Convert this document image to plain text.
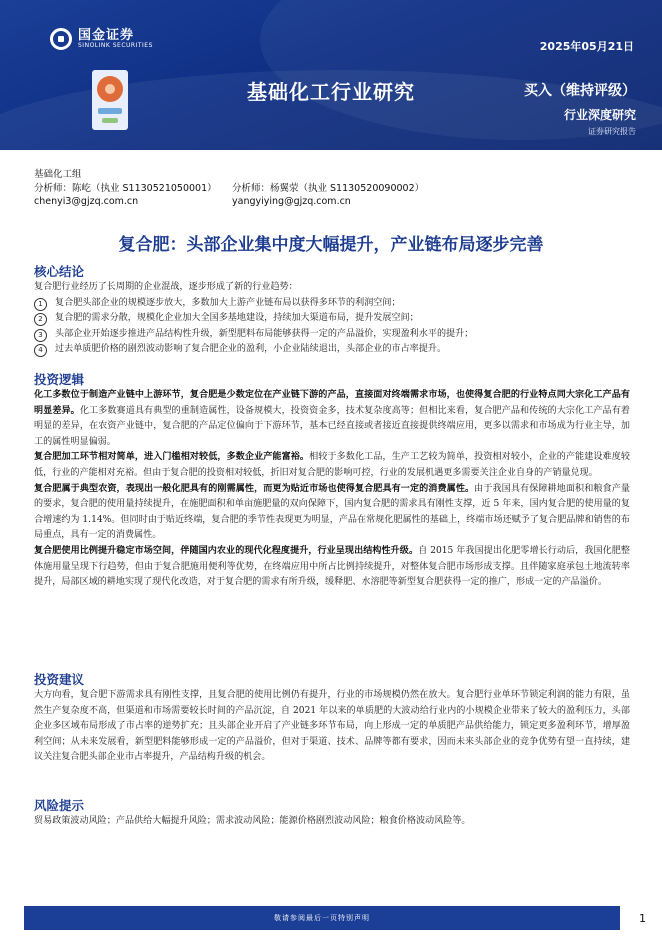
国金证券
SINOLINK SECURITIES	2025年05月21日
基础化工行业研究	买入（维持评级）
行业深度研究
证券研究报告
基础化工组
分析师：陈屹（执业 S1130521050001）	分析师：杨翼荥（执业 S1130520090002）
chenyi3@gjzq.com.cn	yangyiying@gjzq.com.cn
复合肥：头部企业集中度大幅提升，产业链布局逐步完善
核心结论

复合肥行业经历了长周期的企业混战，逐步形成了新的行业趋势：

1	复合肥头部企业的规模逐步放大，多数加大上游产业链布局以获得多环节的利润空间；
2	复合肥的需求分散，规模化企业加大全国多基地建设，持续加大渠道布局，提升发展空间；
3	头部企业开始逐步推进产品结构性升级，新型肥料布局能够获得一定的产品溢价，实现盈利水平的提升；
4	过去单质肥价格的剧烈波动影响了复合肥企业的盈利，小企业陆续退出，头部企业的市占率提升。
投资逻辑

化工多数位于制造产业链中上游环节，复合肥是少数定位在产业链下游的产品，直接面对终端需求市场，也使得复合肥的行业特点同大宗化工产品有明显差异。化工多数赛道具有典型的重制造属性，设备规模大，投资资金多，技术复杂度高等；但相比来看，复合肥产品和传统的大宗化工产品有着明显的差异，在农资产业链中，复合肥的产品定位偏向于下游环节，基本已经直接或者接近直接提供终端应用，更多以需求和市场成为行业主导，加工的属性明显偏弱。

复合肥加工环节相对简单，进入门槛相对较低，多数企业产能富裕。相较于多数化工品，生产工艺较为简单，投资相对较小，企业的产能建设难度较低，行业的产能相对充裕。但由于复合肥的投资相对较低，折旧对复合肥的影响可控，行业的发展机遇更多需要关注企业自身的产销量兑现。

复合肥属于典型农资，表现出一般化肥具有的刚需属性，而更为贴近市场也使得复合肥具有一定的消费属性。由于我国具有保障耕地面积和粮食产量的要求，复合肥的使用量持续提升，在施肥面积和单亩施肥量的双向保障下，国内复合肥的需求具有刚性支撑，近 5 年来，国内复合肥的使用量的复合增速约为 1.14%。但同时由于贴近终端，复合肥的季节性表现更为明显，产品在常规化肥属性的基础上，终端市场还赋予了复合肥品牌和销售的布局重点，具有一定的消费属性。

复合肥使用比例提升稳定市场空间，伴随国内农业的现代化程度提升，行业呈现出结构性升级。自 2015 年我国提出化肥零增长行动后，我国化肥整体施用量呈现下行趋势，但由于复合肥施用便利等优势，在终端应用中所占比例持续提升，对整体复合肥市场形成支撑。且伴随家庭承包土地流转率提升，局部区域的耕地实现了现代化改造，对于复合肥的需求有所升级，缓释肥、水溶肥等新型复合肥获得一定的推广，形成一定的产品溢价。

投资建议

大方向看，复合肥下游需求具有刚性支撑，且复合肥的使用比例仍有提升，行业的市场规模仍然在放大。复合肥行业单环节锁定利润的能力有限，虽然生产复杂度不高，但渠道和市场需要较长时间的产品沉淀，自 2021 年以来的单质肥的大波动给行业内的小规模企业带来了较大的盈利压力，头部企业多区域布局形成了市占率的逆势扩充；且头部企业开启了产业链多环节布局，向上形成一定的单质肥产品供给能力，锁定更多盈利环节，增厚盈利空间；从未来发展看，新型肥料能够形成一定的产品溢价，但对于渠道、技术、品牌等都有要求，因而未来头部企业的竞争优势有望一直持续，建议关注复合肥头部企业市占率提升，产品结构升级的机会。

风险提示

贸易政策波动风险；产品供给大幅提升风险；需求波动风险；能源价格剧烈波动风险；粮食价格波动风险等。

敬请参阅最后一页特别声明	1
